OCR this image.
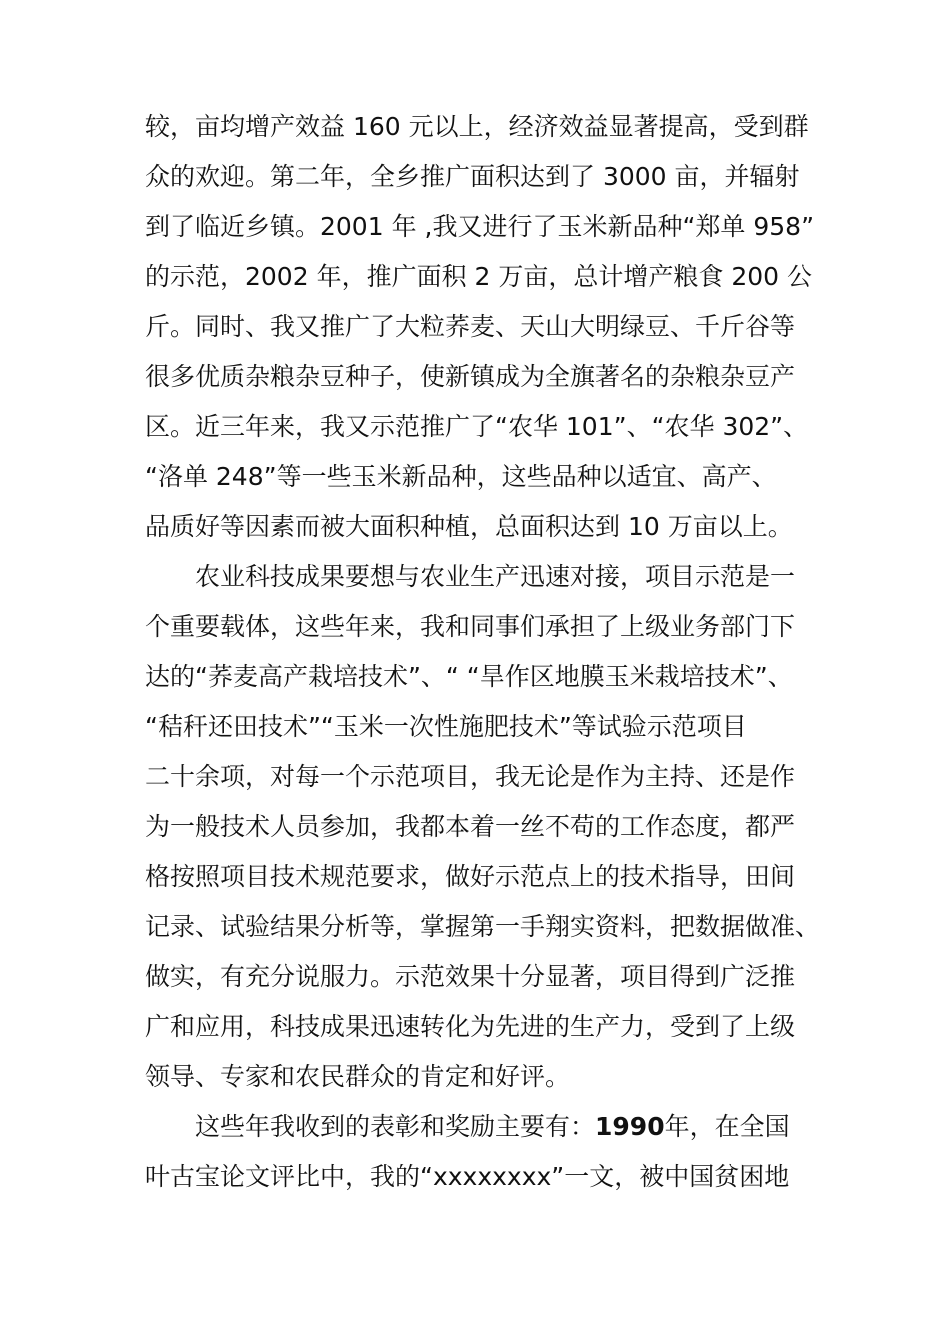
较，亩均增产效益 160 元以上，经济效益显著提高，受到群
众的欢迎。第二年，全乡推广面积达到了 3000 亩，并辐射
到了临近乡镇。2001 年 ,我又进行了玉米新品种“郑单 958”
的示范，2002 年，推广面积 2 万亩，总计增产粮食 200 公
斤。同时、我又推广了大粒荞麦、天山大明绿豆、千斤谷等
很多优质杂粮杂豆种子，使新镇成为全旗著名的杂粮杂豆产
区。近三年来，我又示范推广了“农华 101”、“农华 302”、
“洛单 248”等一些玉米新品种，这些品种以适宜、高产、
品质好等因素而被大面积种植，总面积达到 10 万亩以上。
农业科技成果要想与农业生产迅速对接，项目示范是一
个重要载体，这些年来，我和同事们承担了上级业务部门下
达的“荞麦高产栽培技术”、“ “旱作区地膜玉米栽培技术”、
“秸秆还田技术”“玉米一次性施肥技术”等试验示范项目
二十余项，对每一个示范项目，我无论是作为主持、还是作
为一般技术人员参加，我都本着一丝不苟的工作态度，都严
格按照项目技术规范要求，做好示范点上的技术指导，田间
记录、试验结果分析等，掌握第一手翔实资料，把数据做准、
做实，有充分说服力。示范效果十分显著，项目得到广泛推
广和应用，科技成果迅速转化为先进的生产力，受到了上级
领导、专家和农民群众的肯定和好评。
这些年我收到的表彰和奖励主要有：1990年，在全国
叶古宝论文评比中，我的“xxxxxxxx”一文，被中国贫困地
